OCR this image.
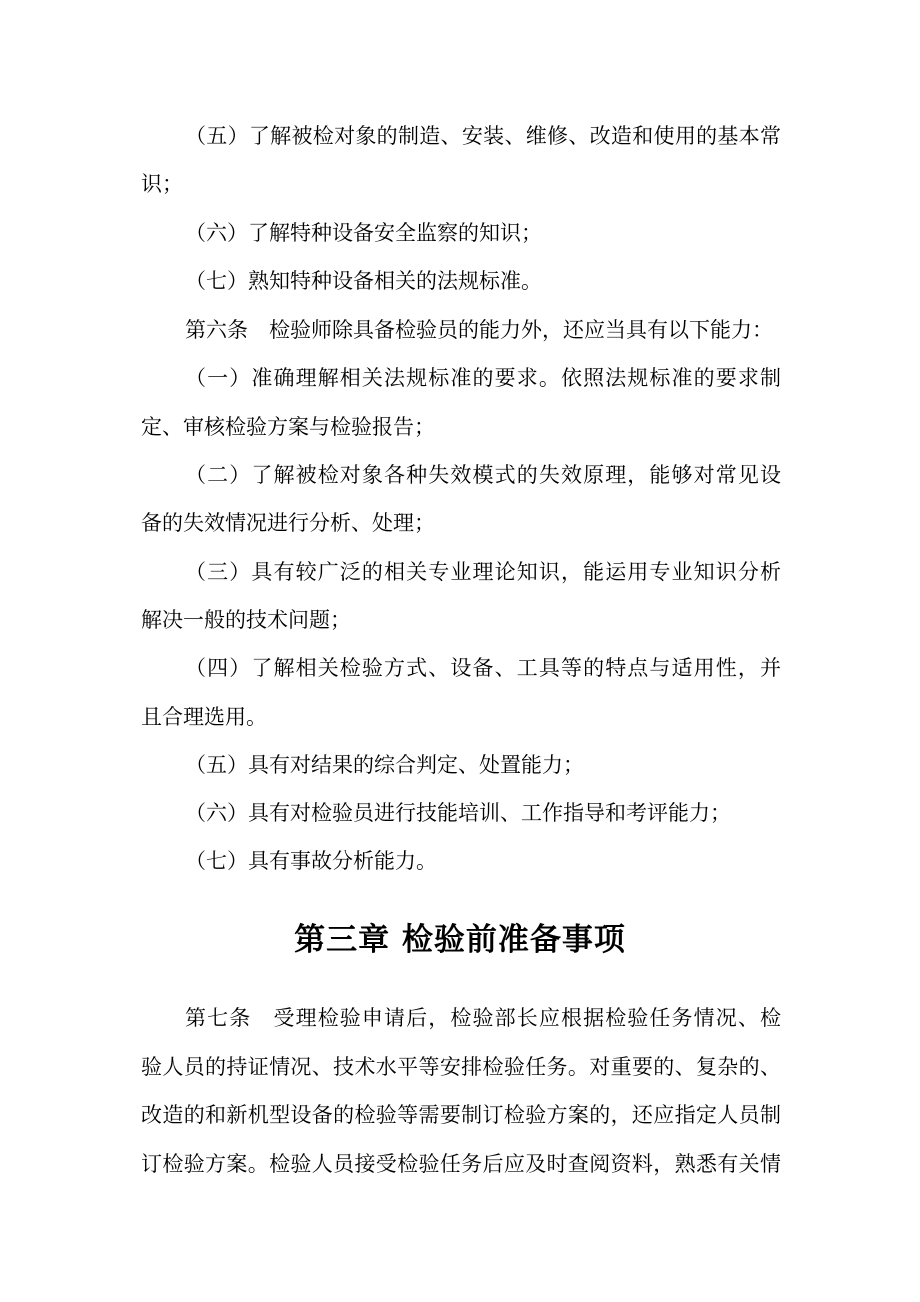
（五）了解被检对象的制造、安装、维修、改造和使用的基本常
识；
（六）了解特种设备安全监察的知识；
（七）熟知特种设备相关的法规标准。
第六条　检验师除具备检验员的能力外，还应当具有以下能力：
（一）准确理解相关法规标准的要求。依照法规标准的要求制
定、审核检验方案与检验报告；
（二）了解被检对象各种失效模式的失效原理，能够对常见设
备的失效情况进行分析、处理；
（三）具有较广泛的相关专业理论知识，能运用专业知识分析
解决一般的技术问题；
（四）了解相关检验方式、设备、工具等的特点与适用性，并
且合理选用。
（五）具有对结果的综合判定、处置能力；
（六）具有对检验员进行技能培训、工作指导和考评能力；
（七）具有事故分析能力。
第三章 检验前准备事项
第七条　受理检验申请后，检验部长应根据检验任务情况、检
验人员的持证情况、技术水平等安排检验任务。对重要的、复杂的、
改造的和新机型设备的检验等需要制订检验方案的，还应指定人员制
订检验方案。检验人员接受检验任务后应及时查阅资料，熟悉有关情
